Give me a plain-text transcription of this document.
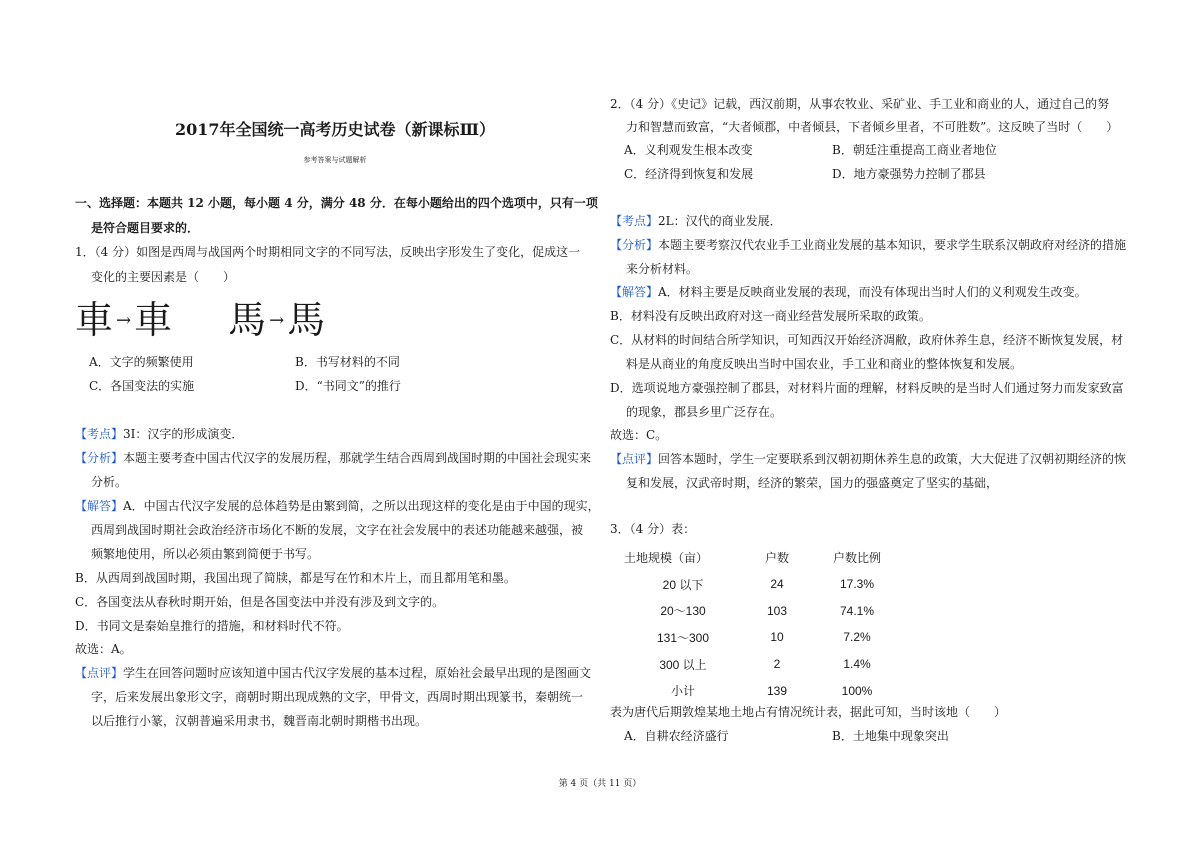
2017年全国统一高考历史试卷（新课标Ⅲ）
参考答案与试题解析
一、选择题：本题共 12 小题，每小题 4 分，满分 48 分．在每小题给出的四个选项中，只有一项
是符合题目要求的．
1．（4 分）如图是西周与战国两个时期相同文字的不同写法，反映出字形发生了变化，促成这一
变化的主要因素是（　　）
車 → 車 馬 → 馬
A．文字的频繁使用	B．书写材料的不同
C．各国变法的实施	D．“书同文”的推行
【考点】3I：汉字的形成演变．
【分析】本题主要考查中国古代汉字的发展历程，那就学生结合西周到战国时期的中国社会现实来
分析。
【解答】A．中国古代汉字发展的总体趋势是由繁到简，之所以出现这样的变化是由于中国的现实，
西周到战国时期社会政治经济市场化不断的发展，文字在社会发展中的表述功能越来越强，被
频繁地使用，所以必须由繁到简便于书写。
B．从西周到战国时期，我国出现了简牍，都是写在竹和木片上，而且都用笔和墨。
C．各国变法从春秋时期开始，但是各国变法中并没有涉及到文字的。
D．书同文是秦始皇推行的措施，和材料时代不符。
故选：A。
【点评】学生在回答问题时应该知道中国古代汉字发展的基本过程，原始社会最早出现的是图画文
字，后来发展出象形文字，商朝时期出现成熟的文字，甲骨文，西周时期出现篆书，秦朝统一
以后推行小篆，汉朝普遍采用隶书，魏晋南北朝时期楷书出现。
2．（4 分）《史记》记载，西汉前期，从事农牧业、采矿业、手工业和商业的人，通过自己的努
力和智慧而致富，“大者倾郡，中者倾县，下者倾乡里者，不可胜数”。这反映了当时（　　）
A．义利观发生根本改变	B．朝廷注重提高工商业者地位
C．经济得到恢复和发展	D．地方豪强势力控制了郡县
【考点】2L：汉代的商业发展．
【分析】本题主要考察汉代农业手工业商业发展的基本知识，要求学生联系汉朝政府对经济的措施
来分析材料。
【解答】A．材料主要是反映商业发展的表现，而没有体现出当时人们的义利观发生改变。
B．材料没有反映出政府对这一商业经营发展所采取的政策。
C．从材料的时间结合所学知识，可知西汉开始经济凋敝，政府休养生息，经济不断恢复发展，材
料是从商业的角度反映出当时中国农业，手工业和商业的整体恢复和发展。
D．选项说地方豪强控制了郡县，对材料片面的理解，材料反映的是当时人们通过努力而发家致富
的现象，郡县乡里广泛存在。
故选：C。
【点评】回答本题时，学生一定要联系到汉朝初期休养生息的政策，大大促进了汉朝初期经济的恢
复和发展，汉武帝时期，经济的繁荣，国力的强盛奠定了坚实的基础，
3．（4 分）表：
土地规模（亩）	户数	户数比例
20 以下	24	17.3%
20～130	103	74.1%
131～300	10	7.2%
300 以上	2	1.4%
小计	139	100%
表为唐代后期敦煌某地土地占有情况统计表，据此可知，当时该地（　　）
A．自耕农经济盛行	B．土地集中现象突出
第 4 页（共 11 页）
